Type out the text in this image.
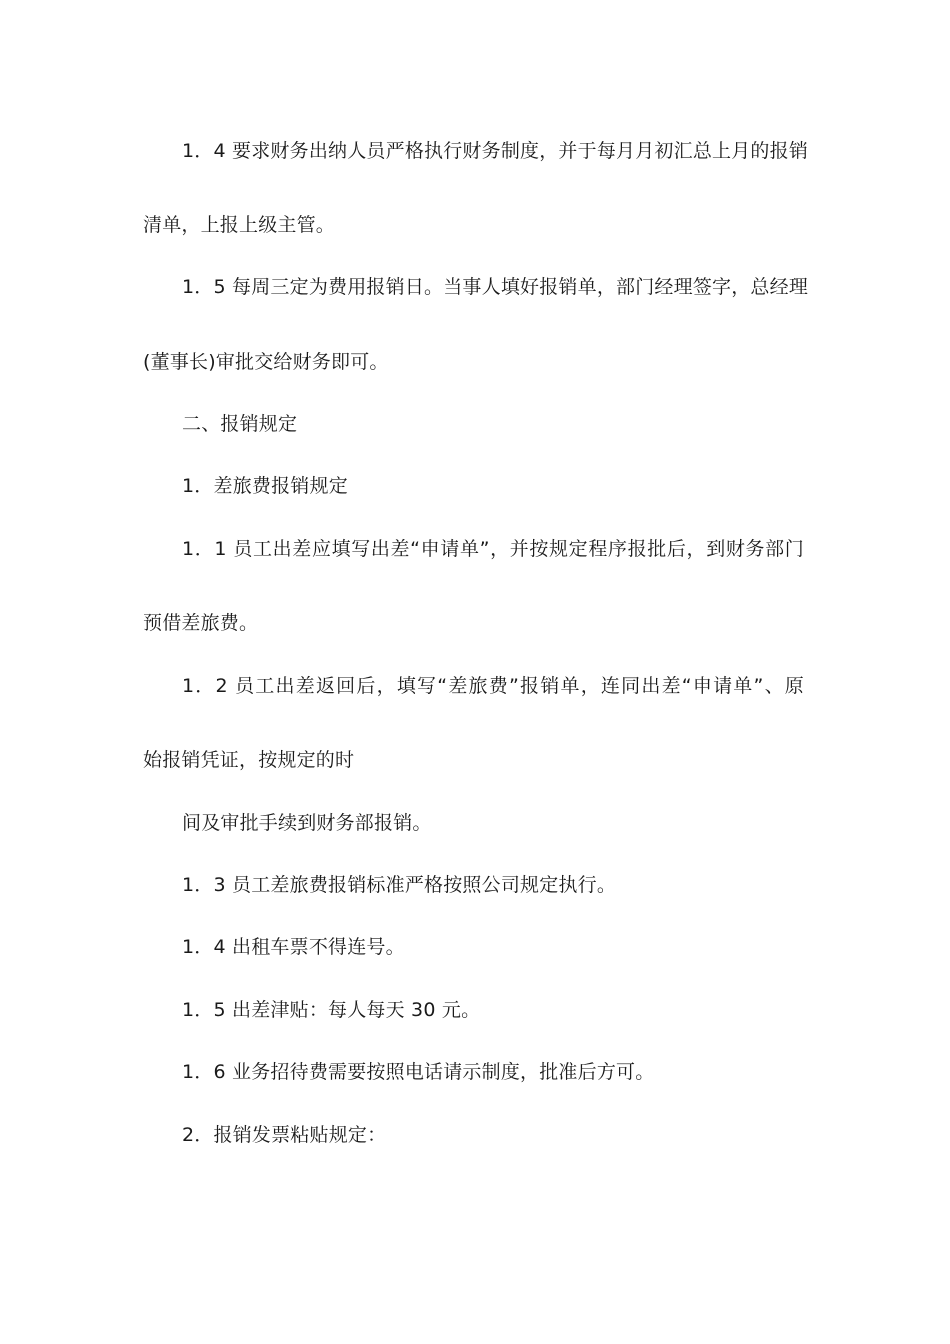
1．4 要求财务出纳人员严格执行财务制度，并于每月月初汇总上月的报销
清单，上报上级主管。
1．5 每周三定为费用报销日。当事人填好报销单，部门经理签字，总经理
(董事长)审批交给财务即可。
二、报销规定
1．差旅费报销规定
1．1 员工出差应填写出差“申请单”，并按规定程序报批后，到财务部门
预借差旅费。
1．2 员工出差返回后，填写“差旅费”报销单，连同出差“申请单”、原
始报销凭证，按规定的时
间及审批手续到财务部报销。
1．3 员工差旅费报销标准严格按照公司规定执行。
1．4 出租车票不得连号。
1．5 出差津贴：每人每天 30 元。
1．6 业务招待费需要按照电话请示制度，批准后方可。
2．报销发票粘贴规定：
